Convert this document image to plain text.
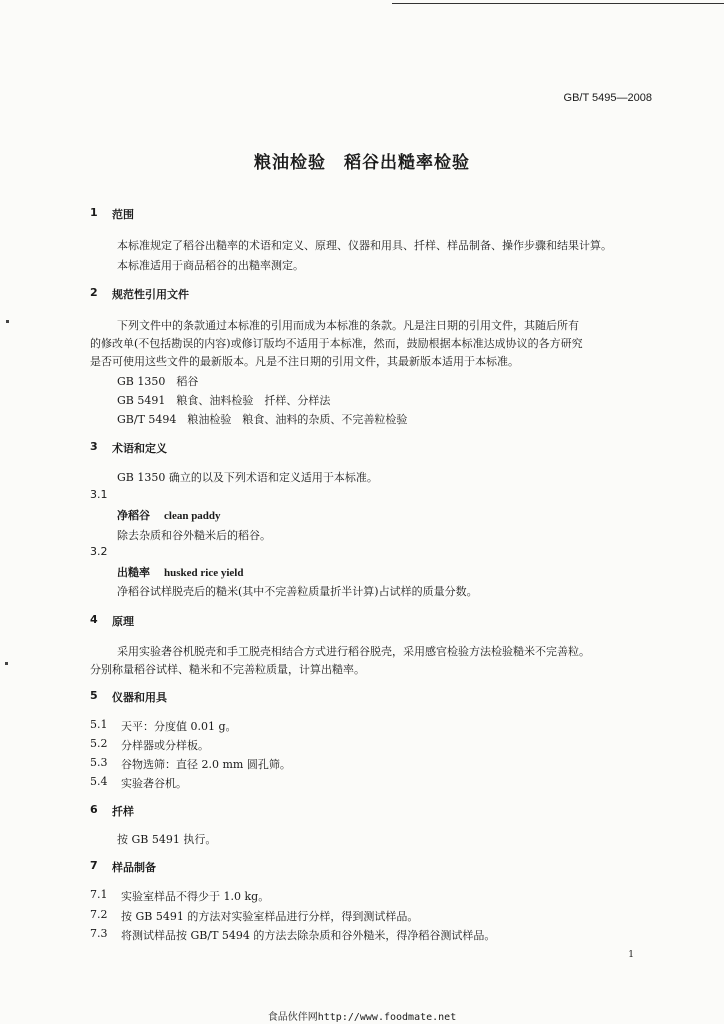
GB/T 5495—2008
粮油检验　稻谷出糙率检验
1 范围
本标准规定了稻谷出糙率的术语和定义、原理、仪器和用具、扦样、样品制备、操作步骤和结果计算。
本标准适用于商品稻谷的出糙率测定。
2 规范性引用文件
下列文件中的条款通过本标准的引用而成为本标准的条款。凡是注日期的引用文件，其随后所有
的修改单(不包括勘误的内容)或修订版均不适用于本标准，然而，鼓励根据本标准达成协议的各方研究
是否可使用这些文件的最新版本。凡是不注日期的引用文件，其最新版本适用于本标准。
GB 1350　稻谷
GB 5491　粮食、油料检验　扦样、分样法
GB/T 5494　粮油检验　粮食、油料的杂质、不完善粒检验
3 术语和定义
GB 1350 确立的以及下列术语和定义适用于本标准。
3.1
净稻谷 clean paddy
除去杂质和谷外糙米后的稻谷。
3.2
出糙率 husked rice yield
净稻谷试样脱壳后的糙米(其中不完善粒质量折半计算)占试样的质量分数。
4 原理
采用实验砻谷机脱壳和手工脱壳相结合方式进行稻谷脱壳，采用感官检验方法检验糙米不完善粒。
分别称量稻谷试样、糙米和不完善粒质量，计算出糙率。
5 仪器和用具
5.1 天平：分度值 0.01 g。
5.2 分样器或分样板。
5.3 谷物选筛：直径 2.0 mm 圆孔筛。
5.4 实验砻谷机。
6 扦样
按 GB 5491 执行。
7 样品制备
7.1 实验室样品不得少于 1.0 kg。
7.2 按 GB 5491 的方法对实验室样品进行分样，得到测试样品。
7.3 将测试样品按 GB/T 5494 的方法去除杂质和谷外糙米，得净稻谷测试样品。
1
食品伙伴网http://www.foodmate.net
